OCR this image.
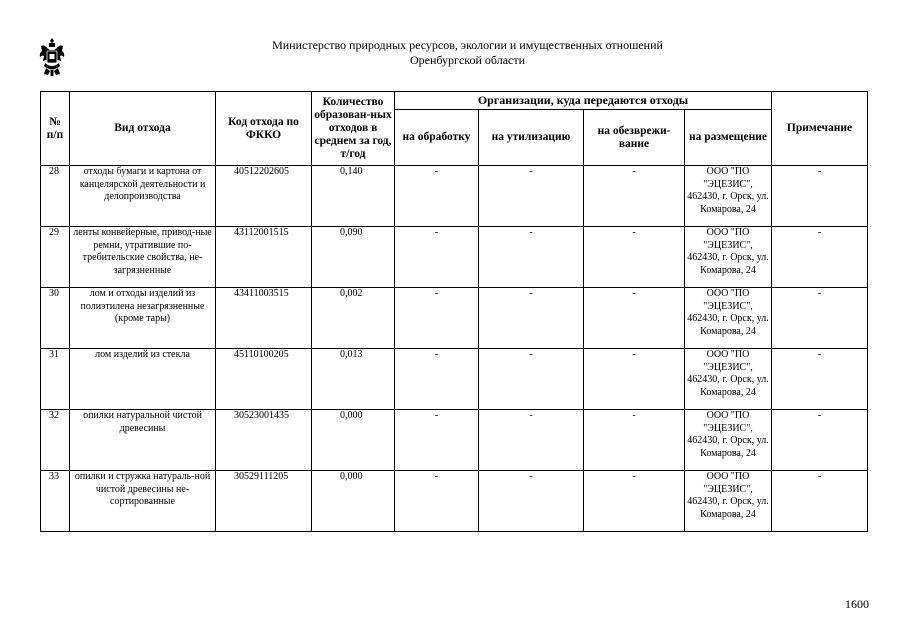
Министерство природных ресурсов, экологии и имущественных отношений
Оренбургской области
№ п/п	Вид отхода	Код отхода по ФККО	Количество образован-ных отходов в среднем за год, т/год	Организации, куда передаются отходы				Примечание
				на обработку	на утилизацию	на обезврежи-вание	на размещение	
28	отходы бумаги и картона от канцелярской деятельности и делопроизводства	40512202605	0,140	-	-	-	ООО "ПО "ЭЦЕЗИС", 462430, г. Орск, ул. Комарова, 24	-
29	ленты конвейерные, привод-ные ремни, утратившие по-требительские свойства, не-загрязненные	43112001515	0,090	-	-	-	ООО "ПО "ЭЦЕЗИС", 462430, г. Орск, ул. Комарова, 24	-
30	лом и отходы изделий из полиэтилена незагрязненные (кроме тары)	43411003515	0,002	-	-	-	ООО "ПО "ЭЦЕЗИС", 462430, г. Орск, ул. Комарова, 24	-
31	лом изделий из стекла	45110100205	0,013	-	-	-	ООО "ПО "ЭЦЕЗИС", 462430, г. Орск, ул. Комарова, 24	-
32	опилки натуральной чистой древесины	30523001435	0,000	-	-	-	ООО "ПО "ЭЦЕЗИС", 462430, г. Орск, ул. Комарова, 24	-
33	опилки и стружка натураль-ной чистой древесины не-сортированные	30529111205	0,000	-	-	-	ООО "ПО "ЭЦЕЗИС", 462430, г. Орск, ул. Комарова, 24	-
1600
